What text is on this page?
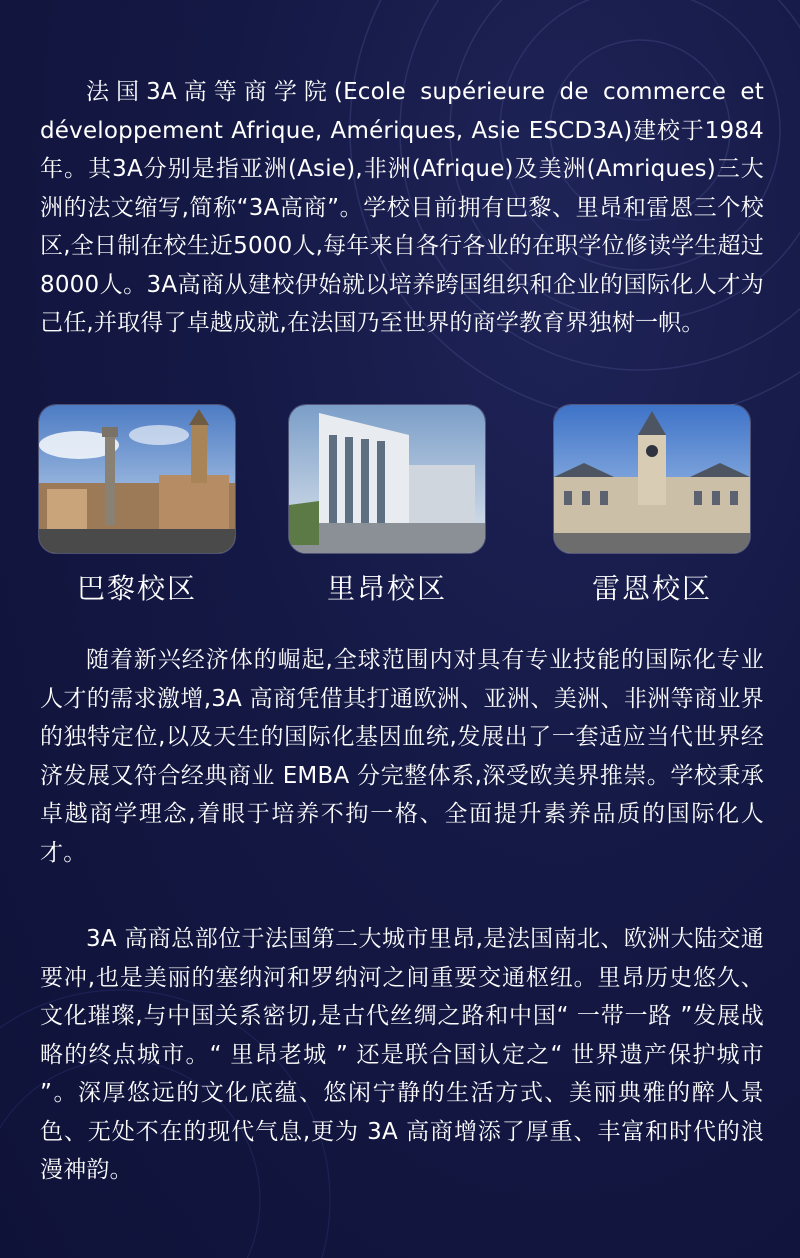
法国3A高等商学院(Ecole supérieure de commerce et développement Afrique, Amériques, Asie ESCD3A)建校于1984年。其3A分别是指亚洲(Asie),非洲(Afrique)及美洲(Amriques)三大洲的法文缩写,简称“3A高商”。学校目前拥有巴黎、里昂和雷恩三个校区,全日制在校生近5000人,每年来自各行各业的在职学位修读学生超过8000人。3A高商从建校伊始就以培养跨国组织和企业的国际化人才为己任,并取得了卓越成就,在法国乃至世界的商学教育界独树一帜。

巴黎校区	里昂校区	雷恩校区

随着新兴经济体的崛起,全球范围内对具有专业技能的国际化专业人才的需求激增,3A 高商凭借其打通欧洲、亚洲、美洲、非洲等商业界的独特定位,以及天生的国际化基因血统,发展出了一套适应当代世界经济发展又符合经典商业 EMBA 分完整体系,深受欧美界推崇。学校秉承卓越商学理念,着眼于培养不拘一格、全面提升素养品质的国际化人才。

3A 高商总部位于法国第二大城市里昂,是法国南北、欧洲大陆交通要冲,也是美丽的塞纳河和罗纳河之间重要交通枢纽。里昂历史悠久、文化璀璨,与中国关系密切,是古代丝绸之路和中国“ 一带一路 ”发展战略的终点城市。“ 里昂老城 ” 还是联合国认定之“ 世界遗产保护城市 ”。深厚悠远的文化底蕴、悠闲宁静的生活方式、美丽典雅的醉人景色、无处不在的现代气息,更为 3A 高商增添了厚重、丰富和时代的浪漫神韵。
